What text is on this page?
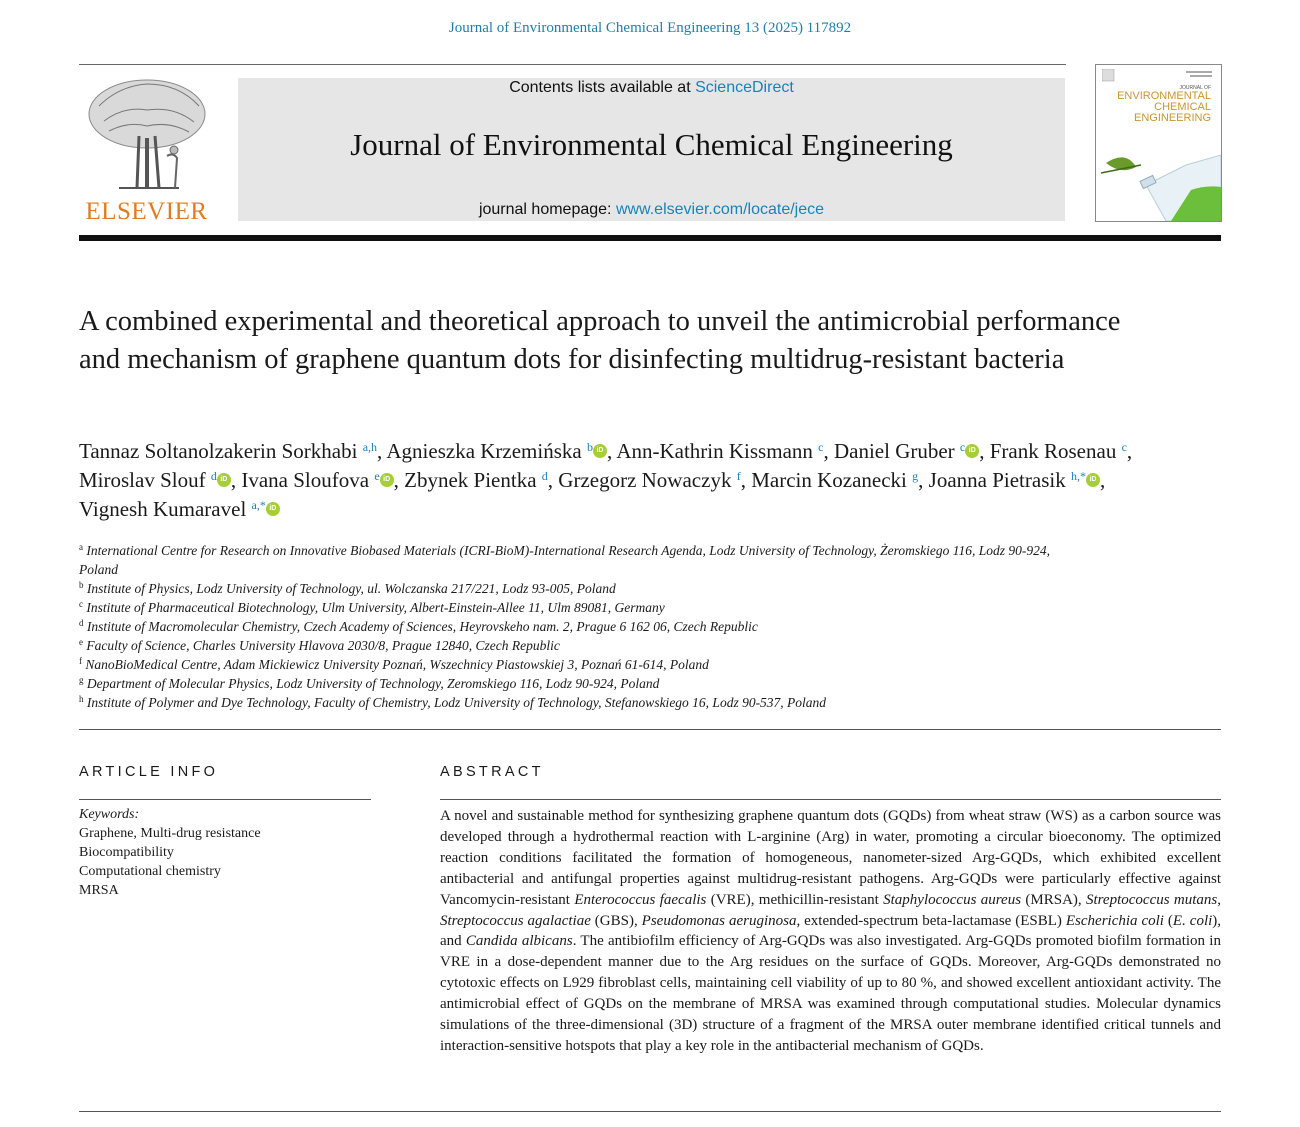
Journal of Environmental Chemical Engineering 13 (2025) 117892
ELSEVIER
Contents lists available at ScienceDirect
Journal of Environmental Chemical Engineering
journal homepage: www.elsevier.com/locate/jece
JOURNAL OF
ENVIRONMENTAL
CHEMICAL
ENGINEERING
A combined experimental and theoretical approach to unveil the antimicrobial performance and mechanism of graphene quantum dots for disinfecting multidrug-resistant bacteria
Tannaz Soltanolzakerin Sorkhabi $^{a,h}$, Agnieszka Krzemińska $^b$ iD , Ann-Kathrin Kissmann $^c$, Daniel Gruber $^c$ iD , Frank Rosenau $^c$, Miroslav Slouf $^d$ iD , Ivana Sloufova $^e$ iD , Zbynek Pientka $^d$, Grzegorz Nowaczyk $^f$, Marcin Kozanecki $^g$, Joanna Pietrasik $^{h,*}$ iD , Vignesh Kumaravel $^{a,*}$ iD
$^a$ International Centre for Research on Innovative Biobased Materials (ICRI-BioM)-International Research Agenda, Lodz University of Technology, Żeromskiego 116, Lodz 90-924, Poland
$^b$ Institute of Physics, Lodz University of Technology, ul. Wolczanska 217/221, Lodz 93-005, Poland
$^c$ Institute of Pharmaceutical Biotechnology, Ulm University, Albert-Einstein-Allee 11, Ulm 89081, Germany
$^d$ Institute of Macromolecular Chemistry, Czech Academy of Sciences, Heyrovskeho nam. 2, Prague 6 162 06, Czech Republic
$^e$ Faculty of Science, Charles University Hlavova 2030/8, Prague 12840, Czech Republic
$^f$ NanoBioMedical Centre, Adam Mickiewicz University Poznań, Wszechnicy Piastowskiej 3, Poznań 61-614, Poland
$^g$ Department of Molecular Physics, Lodz University of Technology, Zeromskiego 116, Lodz 90-924, Poland
$^h$ Institute of Polymer and Dye Technology, Faculty of Chemistry, Lodz University of Technology, Stefanowskiego 16, Lodz 90-537, Poland
ARTICLE INFO	ABSTRACT
Keywords:
Graphene, Multi-drug resistance
Biocompatibility
Computational chemistry
MRSA
A novel and sustainable method for synthesizing graphene quantum dots (GQDs) from wheat straw (WS) as a carbon source was developed through a hydrothermal reaction with L-arginine (Arg) in water, promoting a circular bioeconomy. The optimized reaction conditions facilitated the formation of homogeneous, nanometer-sized Arg-GQDs, which exhibited excellent antibacterial and antifungal properties against multidrug-resistant pathogens. Arg-GQDs were particularly effective against Vancomycin-resistant Enterococcus faecalis (VRE), methicillin-resistant Staphylococcus aureus (MRSA), Streptococcus mutans, Streptococcus agalactiae (GBS), Pseudomonas aeruginosa, extended-spectrum beta-lactamase (ESBL) Escherichia coli (E. coli), and Candida albicans. The antibiofilm efficiency of Arg-GQDs was also investigated. Arg-GQDs promoted biofilm formation in VRE in a dose-dependent manner due to the Arg residues on the surface of GQDs. Moreover, Arg-GQDs demonstrated no cytotoxic effects on L929 fibroblast cells, maintaining cell viability of up to 80 %, and showed excellent antioxidant activity. The antimicrobial effect of GQDs on the membrane of MRSA was examined through computational studies. Molecular dynamics simulations of the three-dimensional (3D) structure of a fragment of the MRSA outer membrane identified critical tunnels and interaction-sensitive hotspots that play a key role in the antibacterial mechanism of GQDs.
